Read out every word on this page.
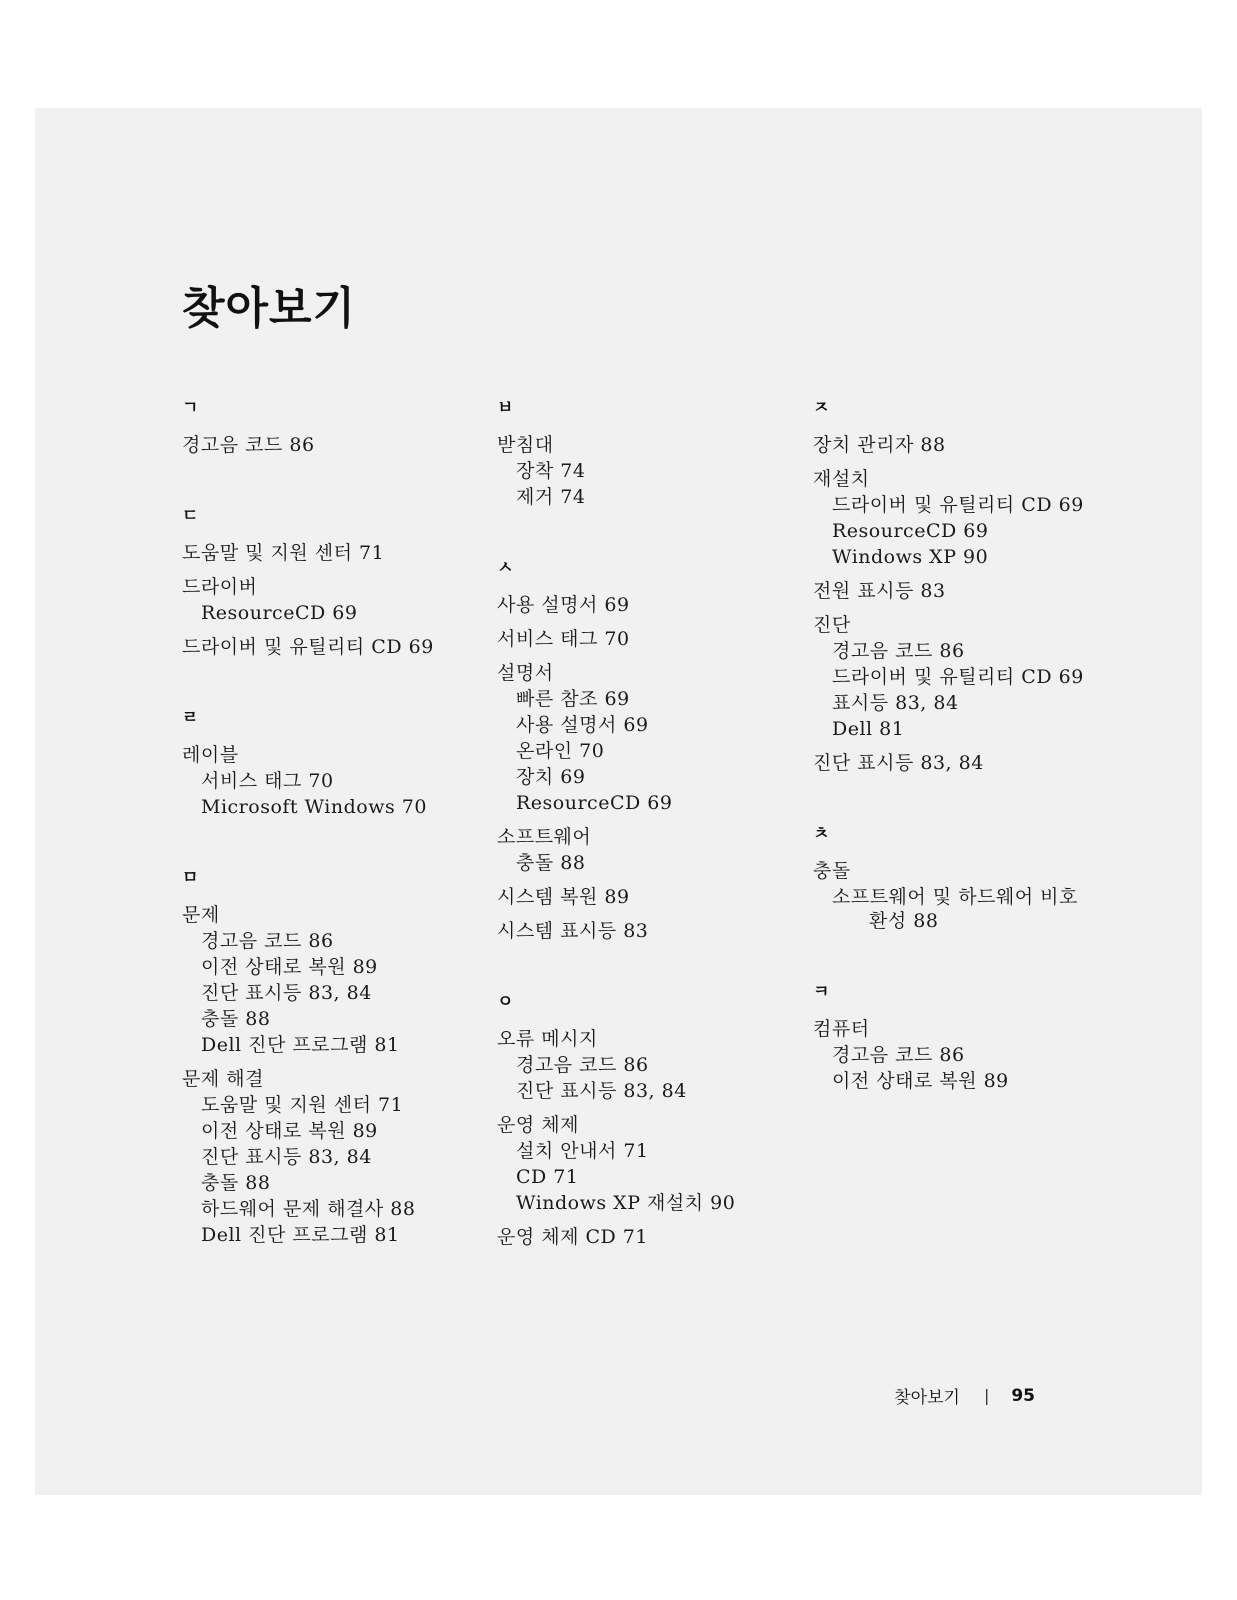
찾아보기
ㄱ
경고음 코드 86
ㄷ
도움말 및 지원 센터 71
드라이버
ResourceCD 69
드라이버 및 유틸리티 CD 69
ㄹ
레이블
서비스 태그 70
Microsoft Windows 70
ㅁ
문제
경고음 코드 86
이전 상태로 복원 89
진단 표시등 83, 84
충돌 88
Dell 진단 프로그램 81
문제 해결
도움말 및 지원 센터 71
이전 상태로 복원 89
진단 표시등 83, 84
충돌 88
하드웨어 문제 해결사 88
Dell 진단 프로그램 81
ㅂ
받침대
장착 74
제거 74
ㅅ
사용 설명서 69
서비스 태그 70
설명서
빠른 참조 69
사용 설명서 69
온라인 70
장치 69
ResourceCD 69
소프트웨어
충돌 88
시스템 복원 89
시스템 표시등 83
ㅇ
오류 메시지
경고음 코드 86
진단 표시등 83, 84
운영 체제
설치 안내서 71
CD 71
Windows XP 재설치 90
운영 체제 CD 71
ㅈ
장치 관리자 88
재설치
드라이버 및 유틸리티 CD 69
ResourceCD 69
Windows XP 90
전원 표시등 83
진단
경고음 코드 86
드라이버 및 유틸리티 CD 69
표시등 83, 84
Dell 81
진단 표시등 83, 84
ㅊ
충돌
소프트웨어 및 하드웨어 비호
환성 88
ㅋ
컴퓨터
경고음 코드 86
이전 상태로 복원 89
찾아보기 | 95
